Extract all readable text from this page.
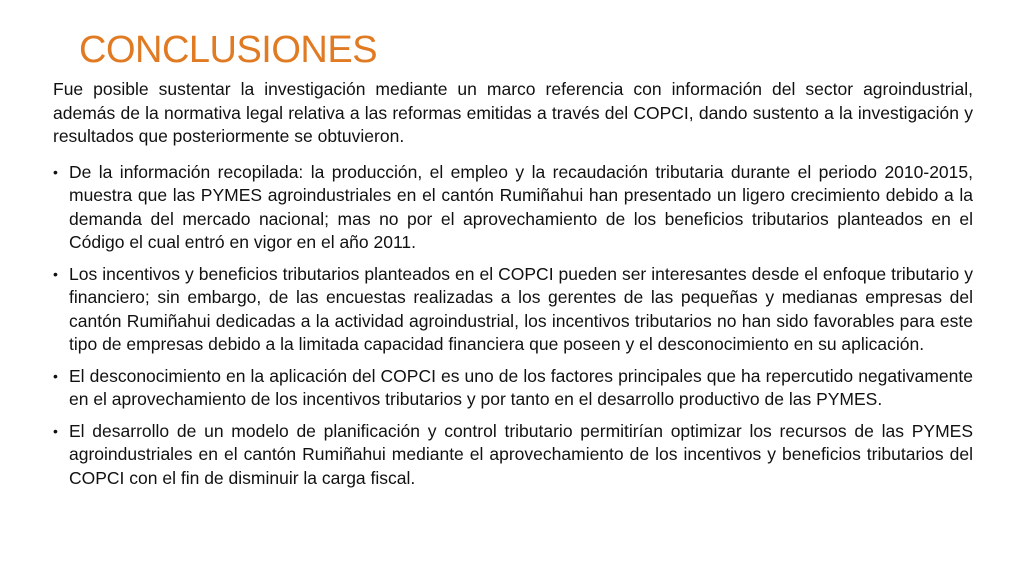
CONCLUSIONES

Fue posible sustentar la investigación mediante un marco referencia con información del sector agroindustrial, además de la normativa legal relativa a las reformas emitidas a través del COPCI, dando sustento a la investigación y resultados que posteriormente se obtuvieron.

• De la información recopilada: la producción, el empleo y la recaudación tributaria durante el periodo 2010-2015, muestra que las PYMES agroindustriales en el cantón Rumiñahui han presentado un ligero crecimiento debido a la demanda del mercado nacional; mas no por el aprovechamiento de los beneficios tributarios planteados en el Código el cual entró en vigor en el año 2011.
• Los incentivos y beneficios tributarios planteados en el COPCI pueden ser interesantes desde el enfoque tributario y financiero; sin embargo, de las encuestas realizadas a los gerentes de las pequeñas y medianas empresas del cantón Rumiñahui dedicadas a la actividad agroindustrial, los incentivos tributarios no han sido favorables para este tipo de empresas debido a la limitada capacidad financiera que poseen y el desconocimiento en su aplicación.
• El desconocimiento en la aplicación del COPCI es uno de los factores principales que ha repercutido negativamente en el aprovechamiento de los incentivos tributarios y por tanto en el desarrollo productivo de las PYMES.
• El desarrollo de un modelo de planificación y control tributario permitirían optimizar los recursos de las PYMES agroindustriales en el cantón Rumiñahui mediante el aprovechamiento de los incentivos y beneficios tributarios del COPCI con el fin de disminuir la carga fiscal.
